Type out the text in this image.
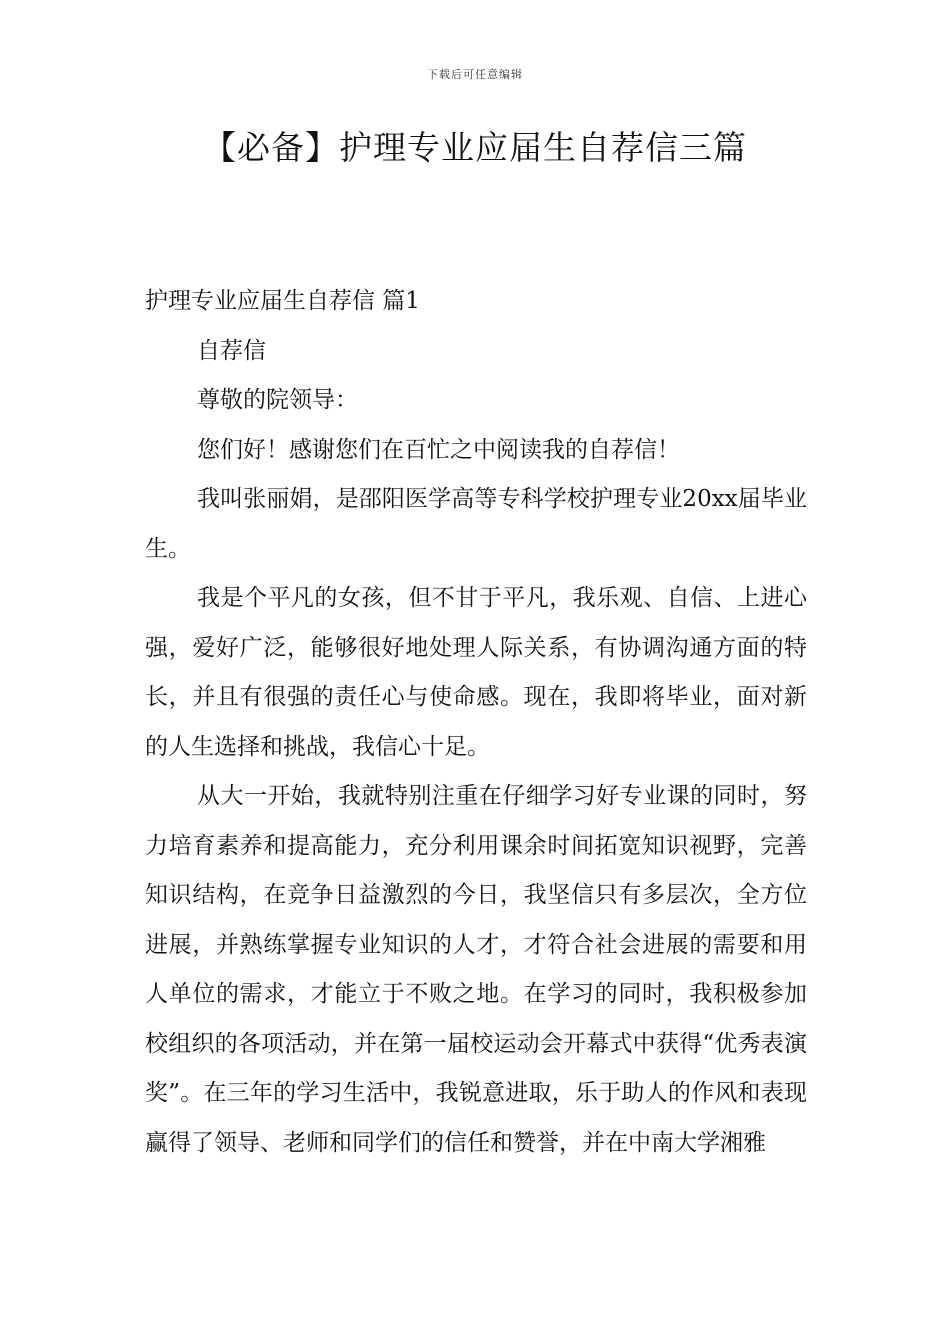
下载后可任意编辑
【必备】护理专业应届生自荐信三篇

护理专业应届生自荐信 篇1

自荐信

尊敬的院领导：

您们好！感谢您们在百忙之中阅读我的自荐信！

我叫张丽娟，是邵阳医学高等专科学校护理专业20xx届毕业生。

我是个平凡的女孩，但不甘于平凡，我乐观、自信、上进心强，爱好广泛，能够很好地处理人际关系，有协调沟通方面的特长，并且有很强的责任心与使命感。现在，我即将毕业，面对新的人生选择和挑战，我信心十足。

从大一开始，我就特别注重在仔细学习好专业课的同时，努力培育素养和提高能力，充分利用课余时间拓宽知识视野，完善知识结构，在竞争日益激烈的今日，我坚信只有多层次，全方位进展，并熟练掌握专业知识的人才，才符合社会进展的需要和用人单位的需求，才能立于不败之地。在学习的同时，我积极参加校组织的各项活动，并在第一届校运动会开幕式中获得“优秀表演奖”。在三年的学习生活中，我锐意进取，乐于助人的作风和表现赢得了领导、老师和同学们的信任和赞誉，并在中南大学湘雅
